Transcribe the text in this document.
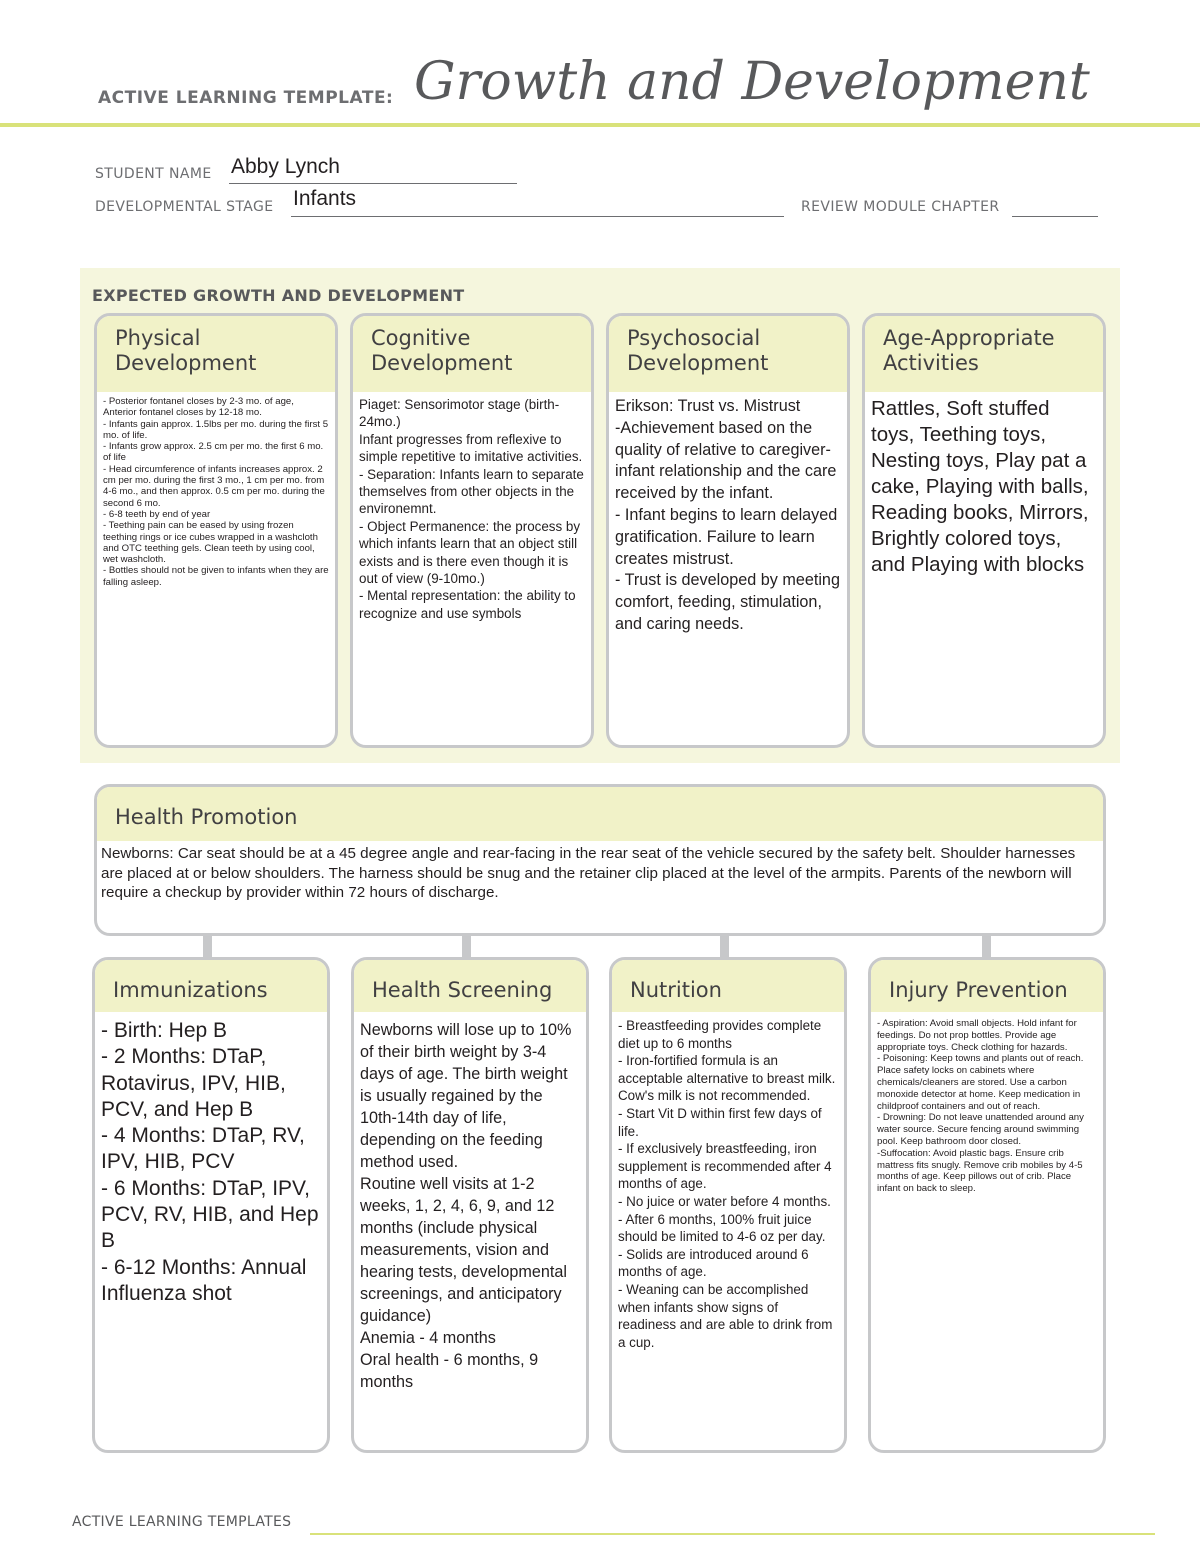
ACTIVE LEARNING TEMPLATE: Growth and Development
STUDENT NAME Abby Lynch
DEVELOPMENTAL STAGE Infants	REVIEW MODULE CHAPTER
EXPECTED GROWTH AND DEVELOPMENT
Physical
Development
- Posterior fontanel closes by 2-3 mo. of age, Anterior fontanel closes by 12-18 mo.
- Infants gain approx. 1.5lbs per mo. during the first 5 mo. of life.
- Infants grow approx. 2.5 cm per mo. the first 6 mo. of life
- Head circumference of infants increases approx. 2 cm per mo. during the first 3 mo., 1 cm per mo. from 4-6 mo., and then approx. 0.5 cm per mo. during the second 6 mo.
- 6-8 teeth by end of year
- Teething pain can be eased by using frozen teething rings or ice cubes wrapped in a washcloth and OTC teething gels. Clean teeth by using cool, wet washcloth.
- Bottles should not be given to infants when they are falling asleep.
Cognitive
Development
Piaget: Sensorimotor stage (birth-24mo.)
Infant progresses from reflexive to simple repetitive to imitative activities.
- Separation: Infants learn to separate themselves from other objects in the environemnt.
- Object Permanence: the process by which infants learn that an object still exists and is there even though it is out of view (9-10mo.)
- Mental representation: the ability to recognize and use symbols
Psychosocial
Development
Erikson: Trust vs. Mistrust
-Achievement based on the quality of relative to caregiver-infant relationship and the care received by the infant.
- Infant begins to learn delayed gratification. Failure to learn creates mistrust.
- Trust is developed by meeting comfort, feeding, stimulation, and caring needs.
Age-Appropriate
Activities
Rattles, Soft stuffed toys, Teething toys, Nesting toys, Play pat a cake, Playing with balls, Reading books, Mirrors, Brightly colored toys, and Playing with blocks
Health Promotion
Newborns: Car seat should be at a 45 degree angle and rear-facing in the rear seat of the vehicle secured by the safety belt. Shoulder harnesses are placed at or below shoulders. The harness should be snug and the retainer clip placed at the level of the armpits. Parents of the newborn will require a checkup by provider within 72 hours of discharge.
Immunizations
- Birth: Hep B
- 2 Months: DTaP, Rotavirus, IPV, HIB, PCV, and Hep B
- 4 Months: DTaP, RV, IPV, HIB, PCV
- 6 Months: DTaP, IPV, PCV, RV, HIB, and Hep B
- 6-12 Months: Annual Influenza shot
Health Screening
Newborns will lose up to 10% of their birth weight by 3-4 days of age. The birth weight is usually regained by the 10th-14th day of life, depending on the feeding method used.
Routine well visits at 1-2 weeks, 1, 2, 4, 6, 9, and 12 months (include physical measurements, vision and hearing tests, developmental screenings, and anticipatory guidance)
Anemia - 4 months
Oral health - 6 months, 9 months
Nutrition
- Breastfeeding provides complete diet up to 6 months
- Iron-fortified formula is an acceptable alternative to breast milk. Cow's milk is not recommended.
- Start Vit D within first few days of life.
- If exclusively breastfeeding, iron supplement is recommended after 4 months of age.
- No juice or water before 4 months.
- After 6 months, 100% fruit juice should be limited to 4-6 oz per day.
- Solids are introduced around 6 months of age.
- Weaning can be accomplished when infants show signs of readiness and are able to drink from a cup.
Injury Prevention
- Aspiration: Avoid small objects. Hold infant for feedings. Do not prop bottles. Provide age appropriate toys. Check clothing for hazards.
- Poisoning: Keep towns and plants out of reach. Place safety locks on cabinets where chemicals/cleaners are stored. Use a carbon monoxide detector at home. Keep medication in childproof containers and out of reach.
- Drowning: Do not leave unattended around any water source. Secure fencing around swimming pool. Keep bathroom door closed.
-Suffocation: Avoid plastic bags. Ensure crib mattress fits snugly. Remove crib mobiles by 4-5 months of age. Keep pillows out of crib. Place infant on back to sleep.
ACTIVE LEARNING TEMPLATES
